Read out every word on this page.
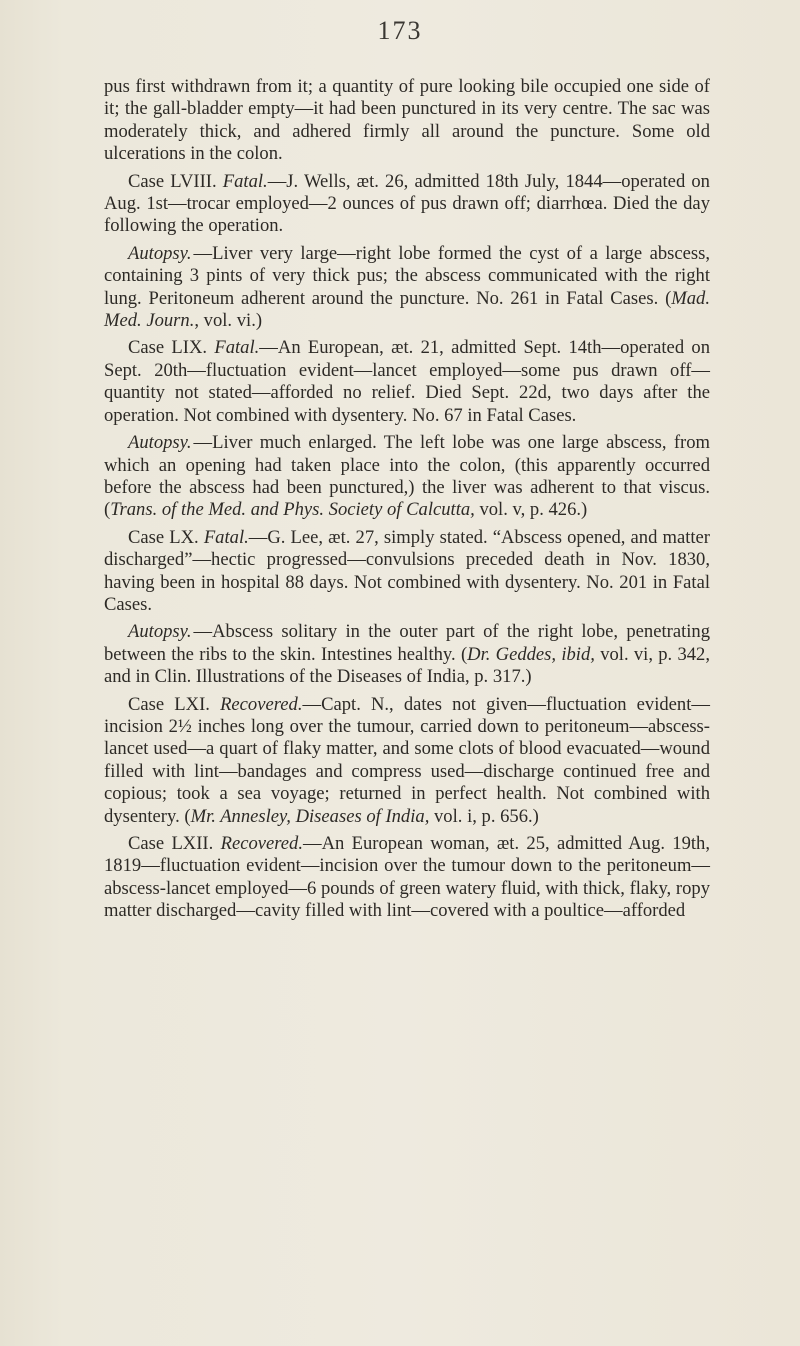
173

pus first withdrawn from it; a quantity of pure looking bile occupied one side of it; the gall-bladder empty—it had been punctured in its very centre. The sac was moderately thick, and adhered firmly all around the puncture. Some old ulcerations in the colon.

Case LVIII. Fatal.—J. Wells, æt. 26, admitted 18th July, 1844—operated on Aug. 1st—trocar employed—2 ounces of pus drawn off; diarrhœa. Died the day following the operation.

Autopsy. —Liver very large—right lobe formed the cyst of a large abscess, containing 3 pints of very thick pus; the abscess communicated with the right lung. Peritoneum adherent around the puncture. No. 261 in Fatal Cases. (Mad. Med. Journ., vol. vi.)

Case LIX. Fatal.—An European, æt. 21, admitted Sept. 14th—operated on Sept. 20th—fluctuation evident—lancet employed—some pus drawn off—quantity not stated—afforded no relief. Died Sept. 22d, two days after the operation. Not combined with dysentery. No. 67 in Fatal Cases.

Autopsy. —Liver much enlarged. The left lobe was one large abscess, from which an opening had taken place into the colon, (this apparently occurred before the abscess had been punctured,) the liver was adherent to that viscus. (Trans. of the Med. and Phys. Society of Calcutta, vol. v, p. 426.)

Case LX. Fatal.—G. Lee, æt. 27, simply stated. “Abscess opened, and matter discharged”—hectic progressed—convulsions preceded death in Nov. 1830, having been in hospital 88 days. Not combined with dysentery. No. 201 in Fatal Cases.

Autopsy. —Abscess solitary in the outer part of the right lobe, penetrating between the ribs to the skin. Intestines healthy. (Dr. Geddes, ibid, vol. vi, p. 342, and in Clin. Illustrations of the Diseases of India, p. 317.)

Case LXI. Recovered.—Capt. N., dates not given—fluctuation evident—incision 2½ inches long over the tumour, carried down to peritoneum—abscess-lancet used—a quart of flaky matter, and some clots of blood evacuated—wound filled with lint—bandages and compress used—discharge continued free and copious; took a sea voyage; returned in perfect health. Not combined with dysentery. (Mr. Annesley, Diseases of India, vol. i, p. 656.)

Case LXII. Recovered.—An European woman, æt. 25, admitted Aug. 19th, 1819—fluctuation evident—incision over the tumour down to the peritoneum—abscess-lancet employed—6 pounds of green watery fluid, with thick, flaky, ropy matter discharged—cavity filled with lint—covered with a poultice—afforded
